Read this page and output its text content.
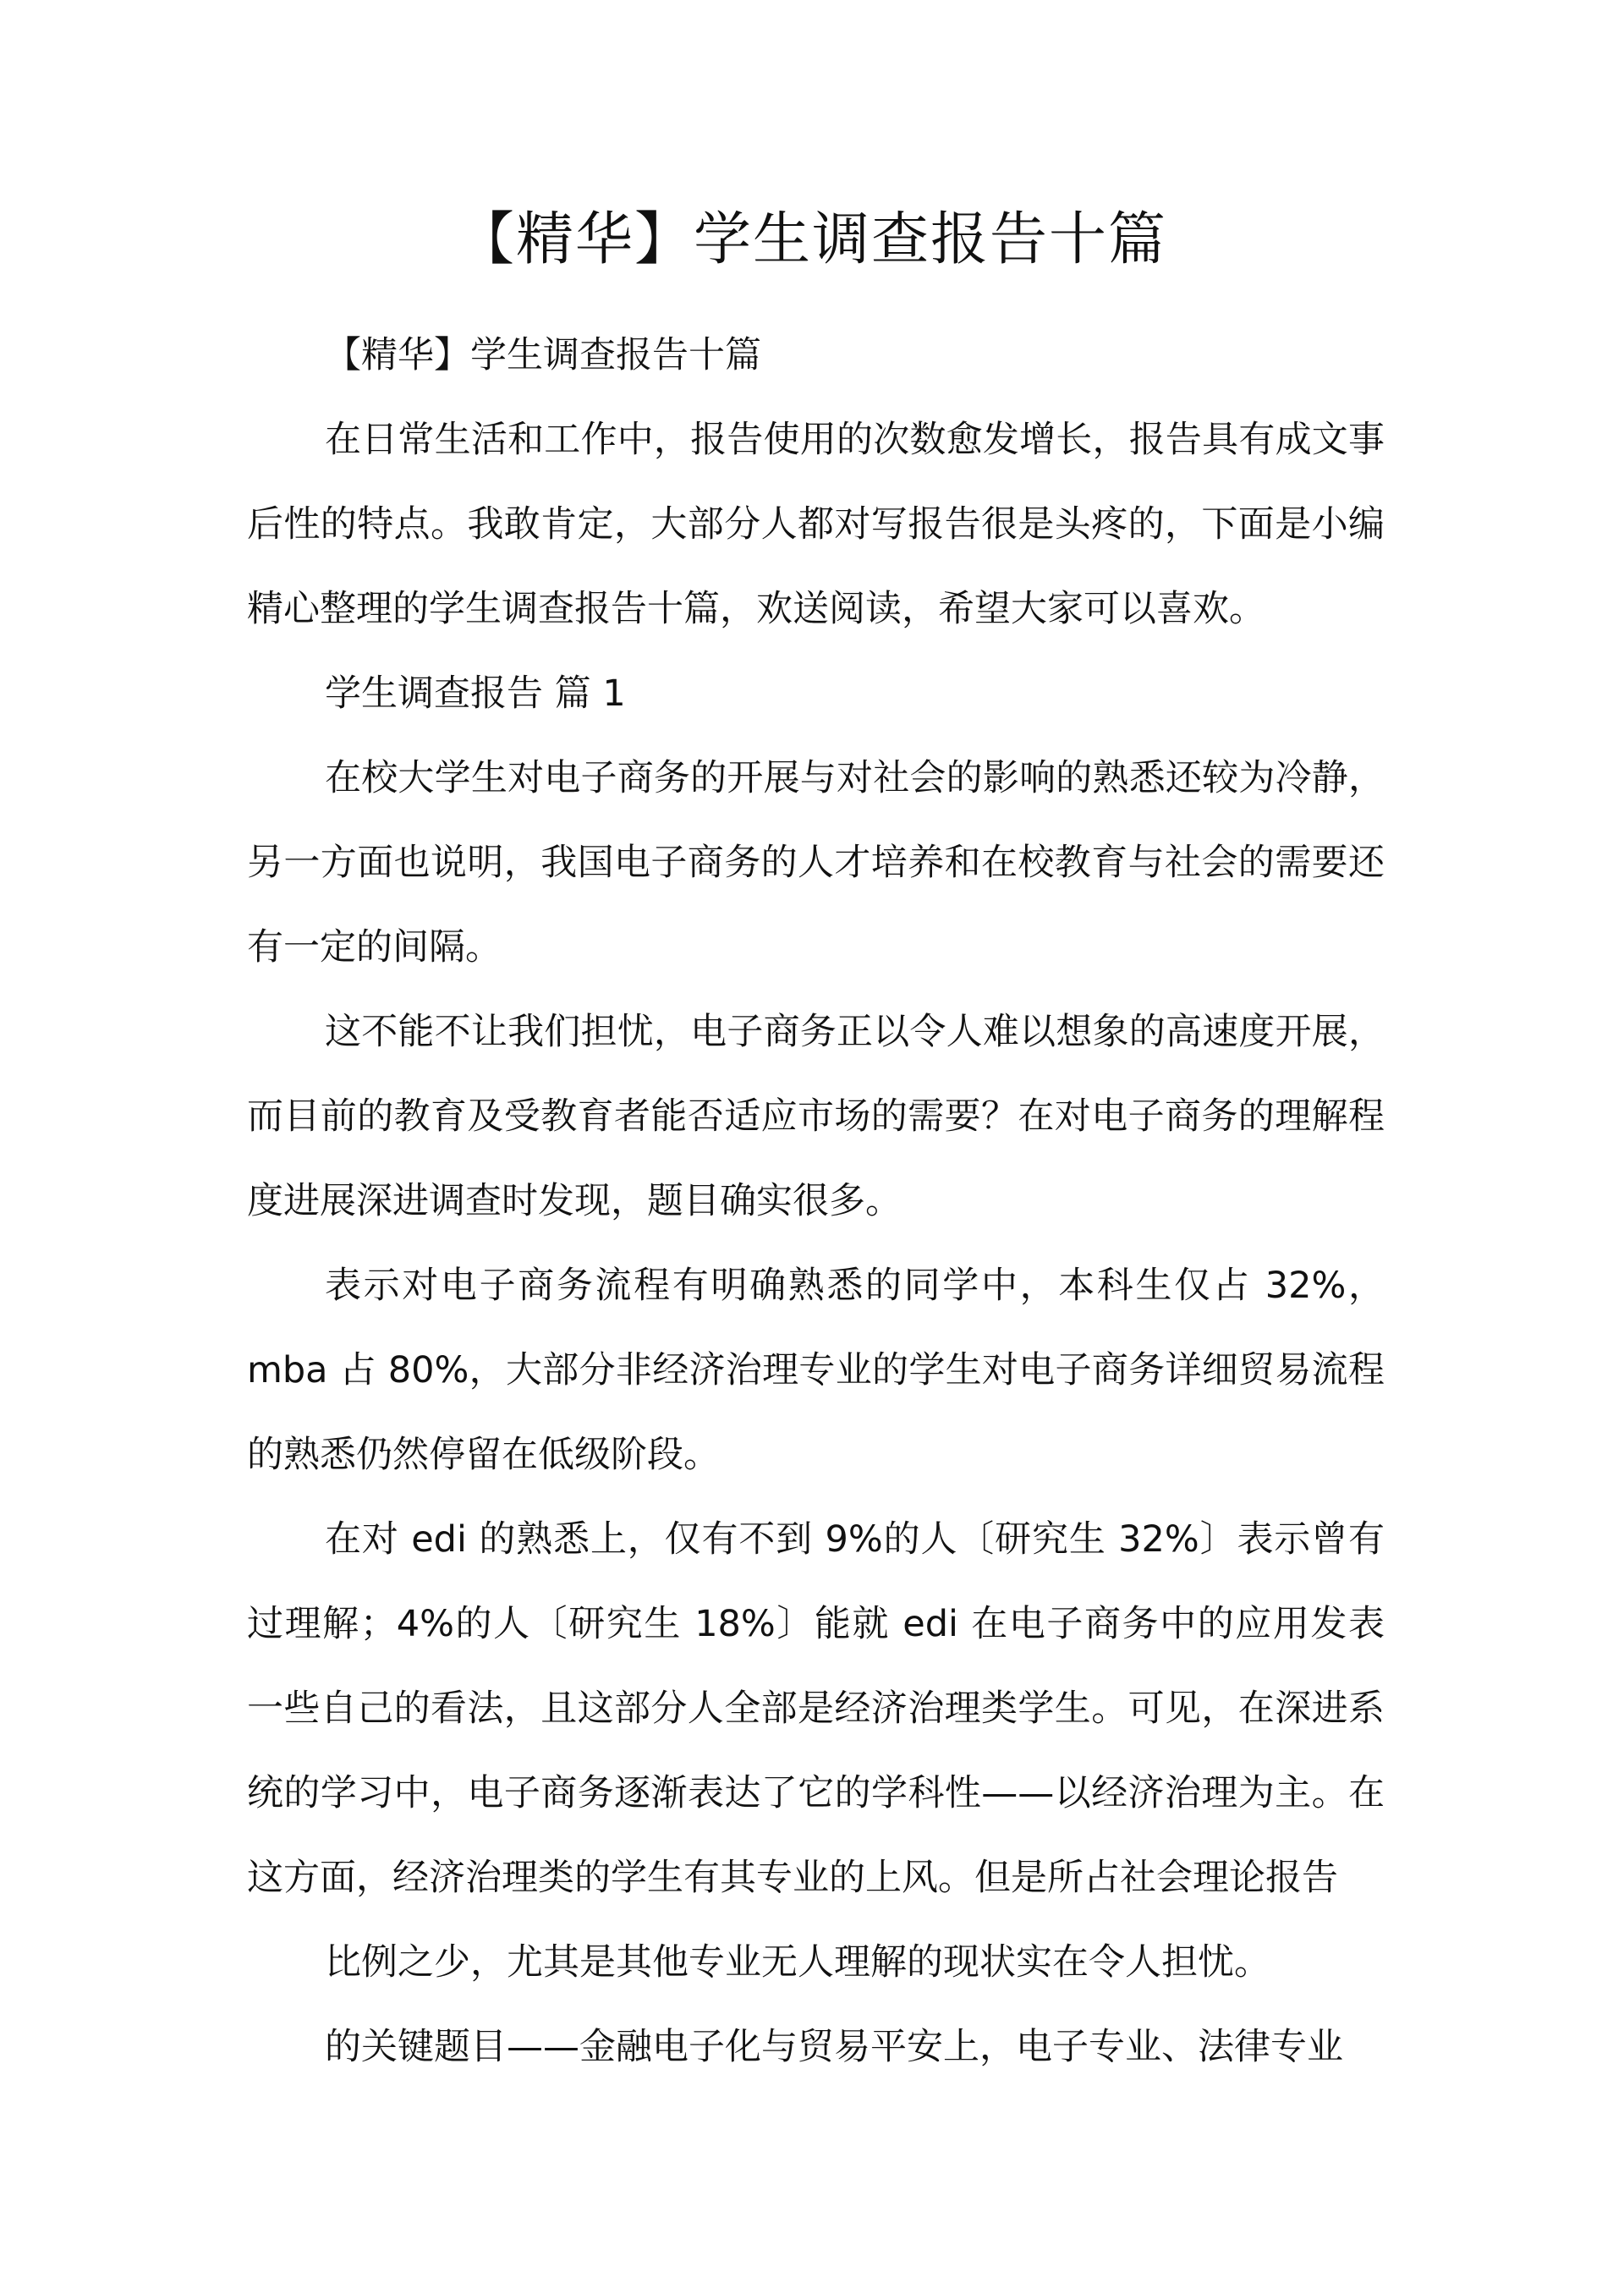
【精华】学生调查报告十篇

【精华】学生调查报告十篇

在日常生活和工作中，报告使用的次数愈发增长，报告具有成文事后性的特点。我敢肯定，大部分人都对写报告很是头疼的，下面是小编精心整理的学生调查报告十篇，欢送阅读，希望大家可以喜欢。

学生调查报告 篇 1

在校大学生对电子商务的开展与对社会的影响的熟悉还较为冷静，另一方面也说明，我国电子商务的人才培养和在校教育与社会的需要还有一定的间隔。

这不能不让我们担忧，电子商务正以令人难以想象的高速度开展，而目前的教育及受教育者能否适应市场的需要？在对电子商务的理解程度进展深进调查时发现，题目确实很多。

表示对电子商务流程有明确熟悉的同学中，本科生仅占 32%，mba 占 80%，大部分非经济治理专业的学生对电子商务详细贸易流程的熟悉仍然停留在低级阶段。

在对 edi 的熟悉上，仅有不到 9%的人〔研究生 32%〕表示曾有过理解；4%的人〔研究生 18%〕能就 edi 在电子商务中的应用发表一些自己的看法，且这部分人全部是经济治理类学生。可见，在深进系统的学习中，电子商务逐渐表达了它的学科性——以经济治理为主。在这方面，经济治理类的学生有其专业的上风。但是所占社会理论报告

比例之少，尤其是其他专业无人理解的现状实在令人担忧。

的关键题目——金融电子化与贸易平安上，电子专业、法律专业
